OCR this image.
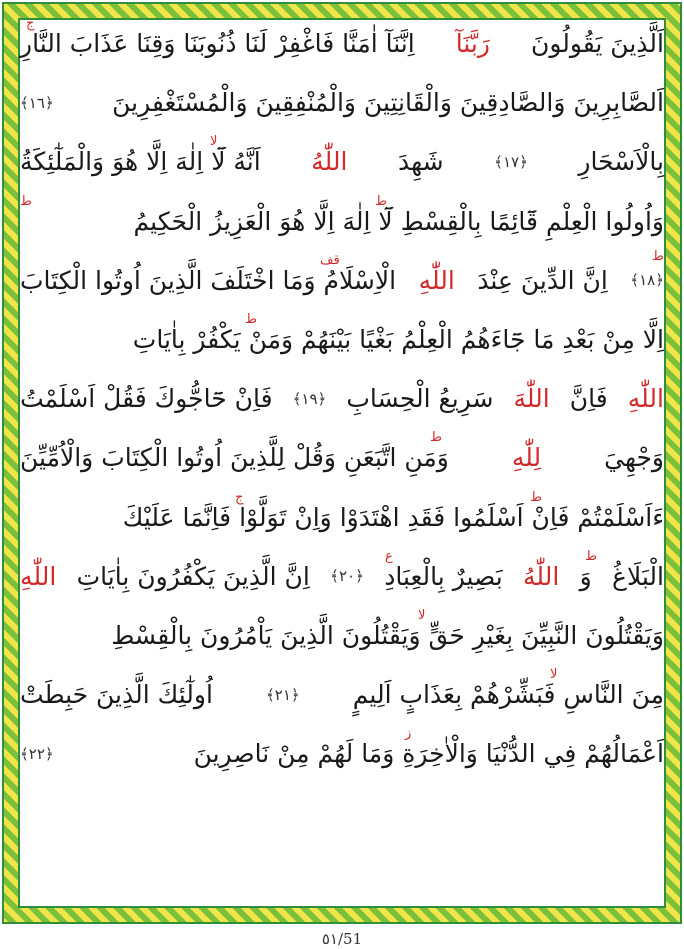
اَلَّذِينَ يَقُولُونَ
رَبَّنَآ
اِنَّنَآ اٰمَنَّا فَاغْفِرْ لَنَا ذُنُوبَنَا وَقِنَا عَذَابَ النَّارِ
ج
اَلصَّابِرِينَ وَالصَّادِقِينَ وَالْقَانِتِينَ وَالْمُنْفِقِينَ وَالْمُسْتَغْفِرِينَ
﴿١٦﴾
بِالْاَسْحَارِ
﴿١٧﴾
شَهِدَ
اللّٰهُ
اَنَّهُ لَٓا اِلٰهَ اِلَّا هُوَ وَالْمَلٰٓئِكَةُ
لا
وَاُولُوا الْعِلْمِ قَٓائِمًا بِالْقِسْطِ لَٓا اِلٰهَ اِلَّا هُوَ الْعَزِيزُ الْحَكِيمُ
ط	ط
﴿١٨﴾
اِنَّ الدِّينَ عِنْدَ
اللّٰهِ
الْاِسْلَامُ وَمَا اخْتَلَفَ الَّذِينَ اُوتُوا الْكِتَابَ
قف	ط
اِلَّا مِنْ بَعْدِ مَا جَٓاءَهُمُ الْعِلْمُ بَغْيًا بَيْنَهُمْ وَمَنْ يَكْفُرْ بِاٰيَاتِ
ط
اللّٰهِ
فَاِنَّ
اللّٰهَ
سَرِيعُ الْحِسَابِ
﴿١٩﴾
فَاِنْ حَٓاجُّوكَ فَقُلْ اَسْلَمْتُ
وَجْهِيَ
لِلّٰهِ
وَمَنِ اتَّبَعَنِ وَقُلْ لِلَّذِينَ اُوتُوا الْكِتَابَ وَالْاُمِّيِّنَ
ط
ءَاَسْلَمْتُمْ فَاِنْ اَسْلَمُوا فَقَدِ اهْتَدَوْا وَاِنْ تَوَلَّوْا فَاِنَّمَا عَلَيْكَ
ط
ج
الْبَلَاغُ
وَ
اللّٰهُ
بَصِيرٌ بِالْعِبَادِ
﴿٢٠﴾
اِنَّ الَّذِينَ يَكْفُرُونَ بِاٰيَاتِ
اللّٰهِ
ط
ع
وَيَقْتُلُونَ النَّبِيِّنَ بِغَيْرِ حَقٍّ وَيَقْتُلُونَ الَّذِينَ يَاْمُرُونَ بِالْقِسْطِ
لا
مِنَ النَّاسِ فَبَشِّرْهُمْ بِعَذَابٍ اَلِيمٍ
﴿٢١﴾
اُولٰٓئِكَ الَّذِينَ حَبِطَتْ
لا
اَعْمَالُهُمْ فِي الدُّنْيَا وَالْاٰخِرَةِ وَمَا لَهُمْ مِنْ نَاصِرِينَ
﴿٢٢﴾
ز
٥١/51
